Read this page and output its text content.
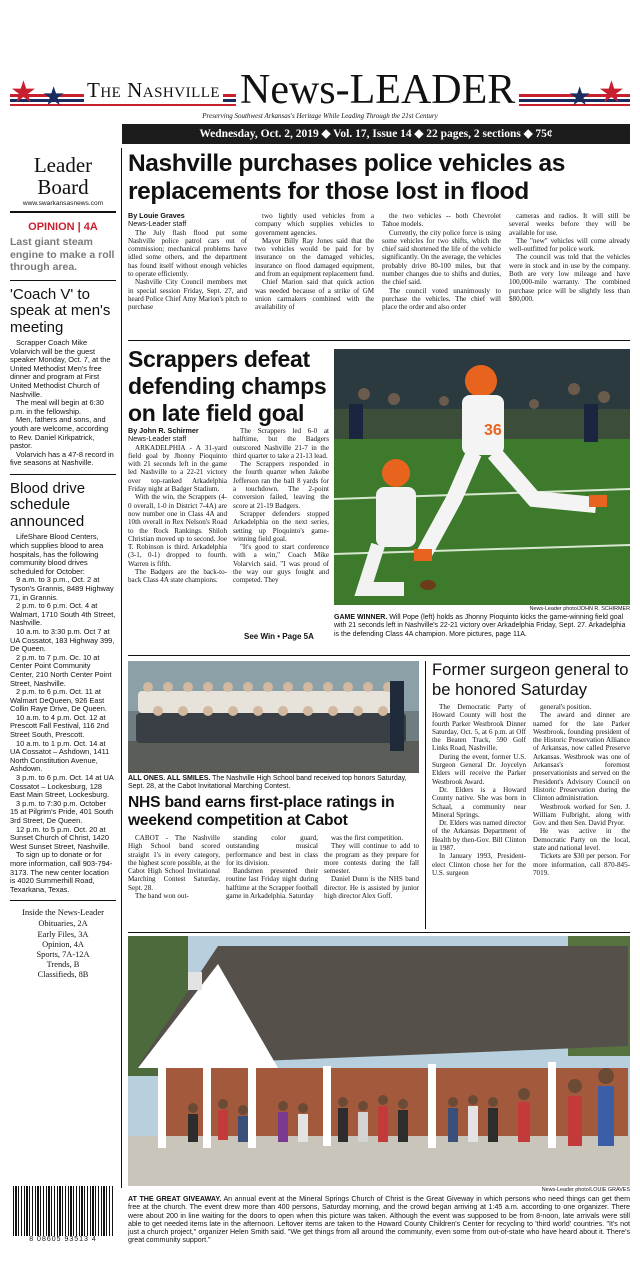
★ ★	★ ★
The Nashville News-LEADER
Preserving Southwest Arkansas's Heritage While Leading Through the 21st Century
Wednesday, Oct. 2, 2019 ◆ Vol. 17, Issue 14 ◆ 22 pages, 2 sections ◆ 75¢
Leader
Board
www.swarkansasnews.com
OPINION | 4A
Last giant steam engine to make a roll through area.
'Coach V' to speak at men's meeting

Scrapper Coach Mike Volarvich will be the guest speaker Monday, Oct. 7, at the United Methodist Men's free dinner and program at First United Methodist Church of Nashville.

The meal will begin at 6:30 p.m. in the fellowship.

Men, fathers and sons, and youth are welcome, according to Rev. Daniel Kirkpatrick, pastor.

Volarvich has a 47-8 record in five seasons at Nashville.

Blood drive schedule announced

LifeShare Blood Centers, which supplies blood to area hospitals, has the following community blood drives scheduled for October:

9 a.m. to 3 p.m., Oct. 2 at Tyson's Grannis, 8489 Highway 71, in Grannis.

2 p.m. to 6 p.m. Oct. 4 at Walmart, 1710 South 4th Street, Nashville.

10 a.m. to 3:30 p.m. Oct 7 at UA Cossatot, 183 Highway 399, De Queen.

2 p.m. to 7 p.m. Oc. 10 at Center Point Community Center, 210 North Center Point Street, Nashville.

2 p.m. to 6 p.m. Oct. 11 at Walmart DeQueen, 926 East Collin Raye Drive, De Queen.

10 a.m. to 4 p.m. Oct. 12 at Prescott Fall Festival, 116 2nd Street South, Prescott.

10 a.m. to 1 p.m. Oct. 14 at UA Cossatot – Ashdown, 1411 North Constitution Avenue, Ashdown.

3 p.m. to 6 p.m. Oct. 14 at UA Cossatot – Lockesburg, 128 East Main Street, Lockesburg.

3 p.m. to 7:30 p.m. October 15 at Pilgrim's Pride, 401 South 3rd Street, De Queen.

12 p.m. to 5 p.m. Oct. 20 at Sunset Church of Christ, 1420 West Sunset Street, Nashville.

To sign up to donate or for more information, call 903-794-3173. The new center location is 4020 Summerhill Road, Texarkana, Texas.

Inside the News-Leader
Obituaries, 2A
Early Files, 3A
Opinion, 4A
Sports, 7A-12A
Trends, B
Classifieds, 8B
8 08605 93513 4
Nashville purchases police vehicles as replacements for those lost in flood
By Louie Graves
News-Leader staff

The July flash flood put some Nashville police patrol cars out of commission; mechanical problems have idled some others, and the department has found itself without enough vehicles to operate efficiently.

Nashville City Council members met in special session Friday, Sept. 27, and heard Police Chief Amy Marion's pitch to purchase

two lightly used vehicles from a company which supplies vehicles to government agencies.

Mayor Billy Ray Jones said that the two vehicles would be paid for by insurance on the damaged vehicles, insurance on flood damaged equipment, and from an equipment replacement fund.

Chief Marion said that quick action was needed because of a strike of GM union carmakers combined with the availability of

the two vehicles -- both Chevrolet Tahoe models.

Currently, the city police force is using some vehicles for two shifts, which the chief said shortened the life of the vehicle significantly. On the average, the vehicles probably drive 80-100 miles, but that number changes due to shifts and duties, the chief said.

The council voted unanimously to purchase the vehicles. The chief will place the order and also order

cameras and radios. It will still be several weeks before they will be available for use.

The "new" vehicles will come already well-outfitted for police work.

The council was told that the vehicles were in stock and in use by the company. Both are very low mileage and have 100,000-mile warranty. The combined purchase price will be slightly less than $80,000.

Scrappers defeat defending champs on late field goal
By John R. Schirmer
News-Leader staff

ARKADELPHIA - A 31-yard field goal by Jhonny Pioquinto with 21 seconds left in the game led Nashville to a 22-21 victory over top-ranked Arkadelphia Friday night at Badger Stadium.

With the win, the Scrappers (4-0 overall, 1-0 in District 7-4A) are now number one in Class 4A and 10th overall in Rex Nelson's Road to the Rock Rankings. Shiloh Christian moved up to second. Joe T. Robinson is third. Arkadelphia (3-1, 0-1) dropped to fourth. Warren is fifth.

The Badgers are the back-to-back Class 4A state champions.

The Scrappers led 6-0 at halftime, but the Badgers outscored Nashville 21-7 in the third quarter to take a 21-13 lead.

The Scrappers responded in the fourth quarter when Jakobe Jefferson ran the ball 8 yards for a touchdown. The 2-point conversion failed, leaving the score at 21-19 Badgers.

Scrapper defenders stopped Arkadelphia on the next series, setting up Pioquinto's game-winning field goal.

"It's good to start conference with a win," Coach Mike Volarvich said. "I was proud of the way our guys fought and competed. They

See Win • Page 5A
36
News-Leader photo/JOHN R. SCHIRMER
GAME WINNER. Will Pope (left) holds as Jhonny Pioquinto kicks the game-winning field goal with 21 seconds left in Nashville's 22-21 victory over Arkadelphia Friday, Sept. 27. Arkadelphia is the defending Class 4A champion. More pictures, page 11A.
ALL ONES. ALL SMILES. The Nashville High School band received top honors Saturday, Sept. 28, at the Cabot Invitational Marching Contest.
NHS band earns first-place ratings in weekend competition at Cabot

CABOT - The Nashville High School band scored straight 1's in every category, the highest score possible, at the Cabot High School Invitational Marching Contest Saturday, Sept. 28.

The band won out-

standing color guard, outstanding musical performance and best in class for its division.

Bandsmen presented their routine last Friday night during halftime at the Scrapper football game in Arkadelphia. Saturday

was the first competition.

They will continue to add to the program as they prepare for more contests during the fall semester.

Daniel Dunn is the NHS band director. He is assisted by junior high director Alex Goff.

Former surgeon general to be honored Saturday

The Democratic Party of Howard County will host the fourth Parker Westbrook Dinner Saturday, Oct. 5, at 6 p.m. at Off the Beaten Track, 590 Golf Links Road, Nashville.

During the event, former U.S. Surgeon General Dr. Joycelyn Elders will receive the Parker Westbrook Award.

Dr. Elders is a Howard County native. She was born in Schaal, a community near Mineral Springs.

Dr. Elders was named director of the Arkansas Department of Health by then-Gov. Bill Clinton in 1987.

In January 1993, President-elect Clinton chose her for the U.S. surgeon

general's position.

The award and dinner are named for the late Parker Westbrook, founding president of the Historic Preservation Alliance of Arkansas, now called Preserve Arkansas. Westbrook was one of Arkansas's foremost preservationists and served on the President's Advisory Council on Historic Preservation during the Clinton administration.

Westbrook worked for Sen. J. William Fulbright, along with Gov. and then Sen. David Pryor.

He was active in the Democratic Party on the local, state and national level.

Tickets are $30 per person. For more information, call 870-845-7019.

News-Leader photo/LOUIE GRAVES
AT THE GREAT GIVEAWAY. An annual event at the Mineral Springs Church of Christ is the Great Giveway in which persons who need things can get them free at the church. The event drew more than 400 persons, Saturday morning, and the crowd began arriving at 1:45 a.m. according to one organizer. There were about 200 in line waiting for the doors to open when this picture was taken. Although the event was supposed to be from 8-noon, late arrivals were still able to get needed items late in the afternoon. Leftover items are taken to the Howard County Children's Center for recycling to 'third world' countries. "It's not just a church project," organizer Helen Smith said. "We get things from all around the community, even some from out-of-state who have heard about it. There's great community support."
